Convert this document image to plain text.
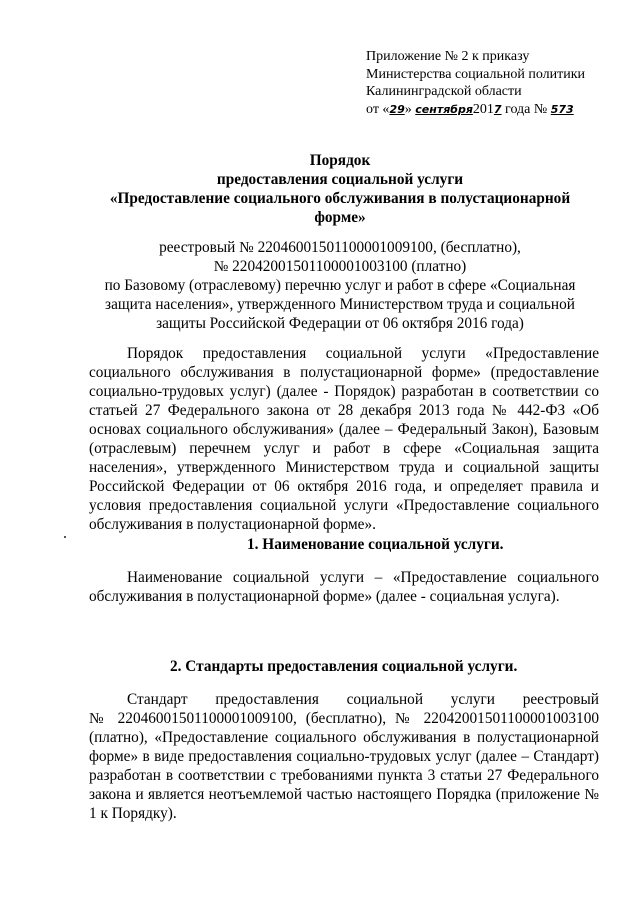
Приложение № 2 к приказу
Министерства социальной политики
Калининградской области
от «29» сентября2017 года № 573
Порядок
предоставления социальной услуги
«Предоставление социального обслуживания в полустационарной
форме»
реестровый № 22046001501100001009100, (бесплатно),
№ 22042001501100001003100 (платно)
по Базовому (отраслевому) перечню услуг и работ в сфере «Социальная
защита населения», утвержденного Министерством труда и социальной
защиты Российской Федерации от 06 октября 2016 года)
Порядок предоставления социальной услуги «Предоставление
социального обслуживания в полустационарной форме» (предоставление
социально-трудовых услуг) (далее - Порядок) разработан в соответствии со
статьей 27 Федерального закона от 28 декабря 2013 года № 442-ФЗ «Об
основах социального обслуживания» (далее – Федеральный Закон), Базовым
(отраслевым) перечнем услуг и работ в сфере «Социальная защита
населения», утвержденного Министерством труда и социальной защиты
Российской Федерации от 06 октября 2016 года, и определяет правила и
условия предоставления социальной услуги «Предоставление социального
обслуживания в полустационарной форме».
1. Наименование социальной услуги.
Наименование социальной услуги – «Предоставление социального
обслуживания в полустационарной форме» (далее - социальная услуга).
2. Стандарты предоставления социальной услуги.
Стандарт предоставления социальной услуги реестровый
№ 22046001501100001009100, (бесплатно), № 22042001501100001003100
(платно), «Предоставление социального обслуживания в полустационарной
форме» в виде предоставления социально-трудовых услуг (далее – Стандарт)
разработан в соответствии с требованиями пункта 3 статьи 27 Федерального
закона и является неотъемлемой частью настоящего Порядка (приложение №
1 к Порядку).
